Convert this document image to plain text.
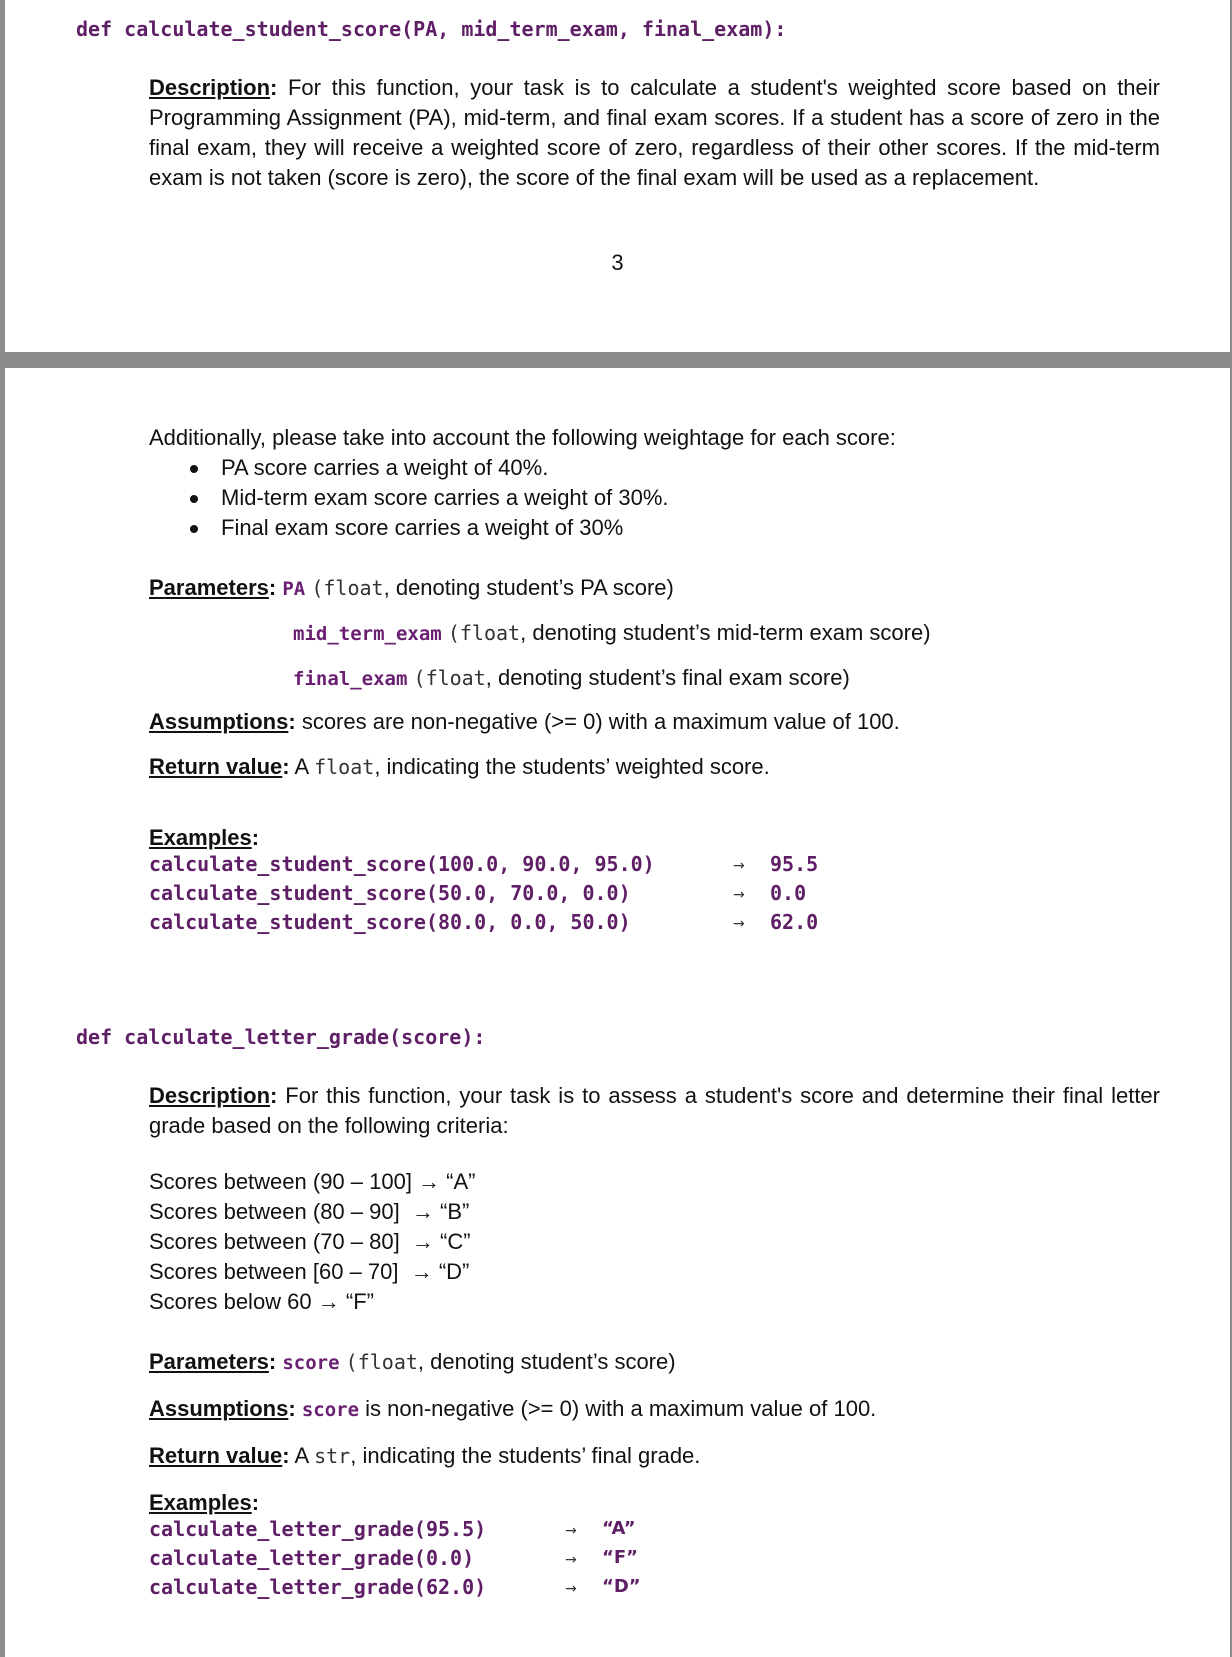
def calculate_student_score(PA, mid_term_exam, final_exam):
Description: For this function, your task is to calculate a student's weighted score based on their Programming Assignment (PA), mid-term, and final exam scores. If a student has a score of zero in the final exam, they will receive a weighted score of zero, regardless of their other scores. If the mid-term exam is not taken (score is zero), the score of the final exam will be used as a replacement.
3
Additionally, please take into account the following weightage for each score:
PA score carries a weight of 40%.
Mid-term exam score carries a weight of 30%.
Final exam score carries a weight of 30%
Parameters: PA (float, denoting student’s PA score)
mid_term_exam (float, denoting student’s mid-term exam score)
final_exam (float, denoting student’s final exam score)
Assumptions: scores are non-negative (>= 0) with a maximum value of 100.
Return value: A float, indicating the students’ weighted score.
Examples:
calculate_student_score(100.0, 90.0, 95.0)	→ 95.5
calculate_student_score(50.0, 70.0, 0.0)	→ 0.0
calculate_student_score(80.0, 0.0, 50.0)	→ 62.0
def calculate_letter_grade(score):
Description: For this function, your task is to assess a student's score and determine their final letter grade based on the following criteria:
Scores between (90 – 100] → “A”
Scores between (80 – 90]  → “B”
Scores between (70 – 80]  → “C”
Scores between [60 – 70]  → “D”
Scores below 60 → “F”
Parameters: score (float, denoting student’s score)
Assumptions: score is non-negative (>= 0) with a maximum value of 100.
Return value: A str, indicating the students’ final grade.
Examples:
calculate_letter_grade(95.5)	→ “A”
calculate_letter_grade(0.0)	→ “F”
calculate_letter_grade(62.0)	→ “D”
